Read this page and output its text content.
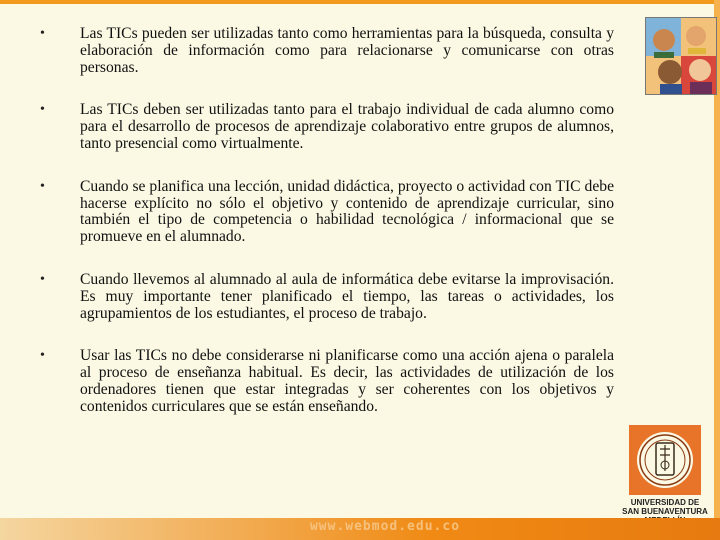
• Las TICs pueden ser utilizadas tanto como herramientas para la búsqueda, consulta y elaboración de información como para relacionarse y comunicarse con otras personas.
• Las TICs deben ser utilizadas tanto para el trabajo individual de cada alumno como para el desarrollo de procesos de aprendizaje colaborativo entre grupos de alumnos, tanto presencial como virtualmente.
• Cuando se planifica una lección, unidad didáctica, proyecto o actividad con TIC debe hacerse explícito no sólo el objetivo y contenido de aprendizaje curricular, sino también el tipo de competencia o habilidad tecnológica / informacional que se promueve en el alumnado.
• Cuando llevemos al alumnado al aula de informática debe evitarse la improvisación. Es muy importante tener planificado el tiempo, las tareas o actividades, los agrupamientos de los estudiantes, el proceso de trabajo.
• Usar las TICs no debe considerarse ni planificarse como una acción ajena o paralela al proceso de enseñanza habitual. Es decir, las actividades de utilización de los ordenadores tienen que estar integradas y ser coherentes con los objetivos y contenidos curriculares que se están enseñando.
UNIVERSIDAD DE
SAN BUENAVENTURA
www.webmod.edu.co
